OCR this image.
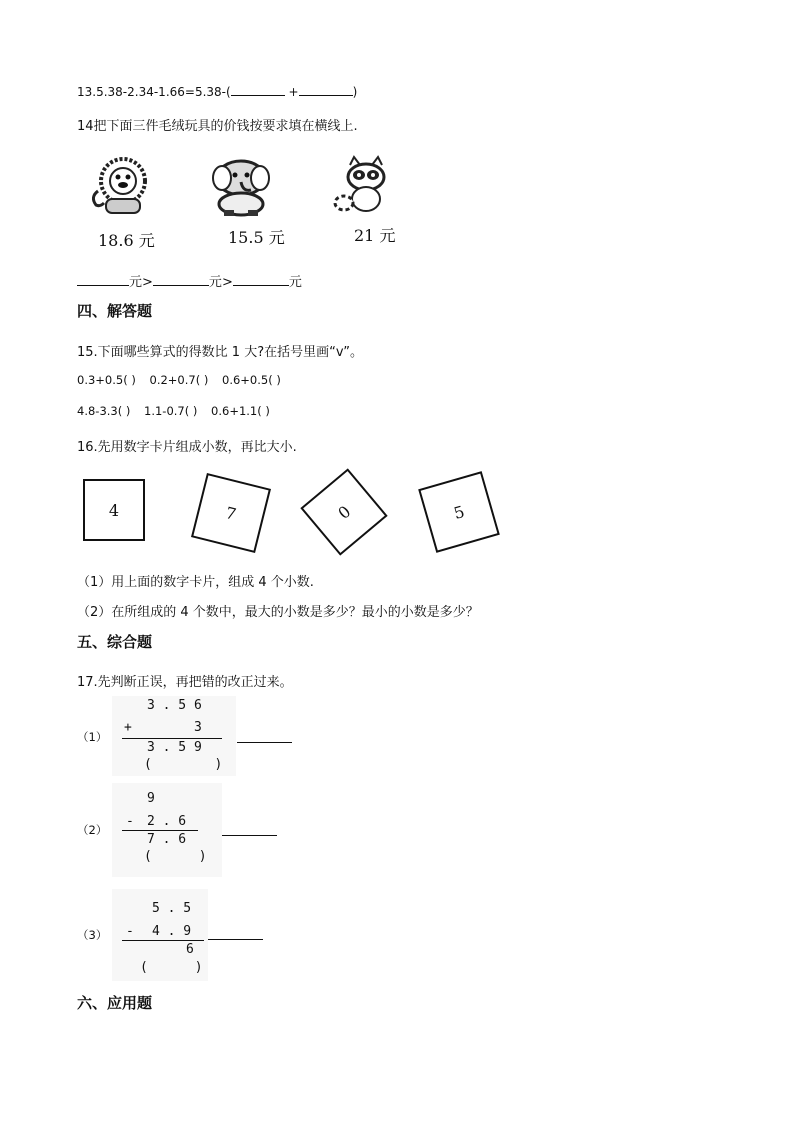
13.5.38-2.34-1.66=5.38-(	+	)
14把下面三件毛绒玩具的价钱按要求填在横线上.
18.6 元	15.5 元	21 元
元>	元>	元
四、解答题
15.下面哪些算式的得数比 1 大?在括号里画“v”。
0.3+0.5( ) 0.2+0.7( ) 0.6+0.5( )
4.8-3.3( ) 1.1-0.7( ) 0.6+1.1( )
16.先用数字卡片组成小数，再比大小.
4	7	0	5
（1）用上面的数字卡片，组成 4 个小数.
（2）在所组成的 4 个数中，最大的小数是多少？最小的小数是多少？
五、综合题
17.先判断正误，再把错的改正过来。
（1）
3 . 5 6
+	3
3 . 5 9
(        )
（2）
9
- 2 . 6
7 . 6
(      )
（3）
5 . 5
- 4 . 9
6
(      )
六、应用题
